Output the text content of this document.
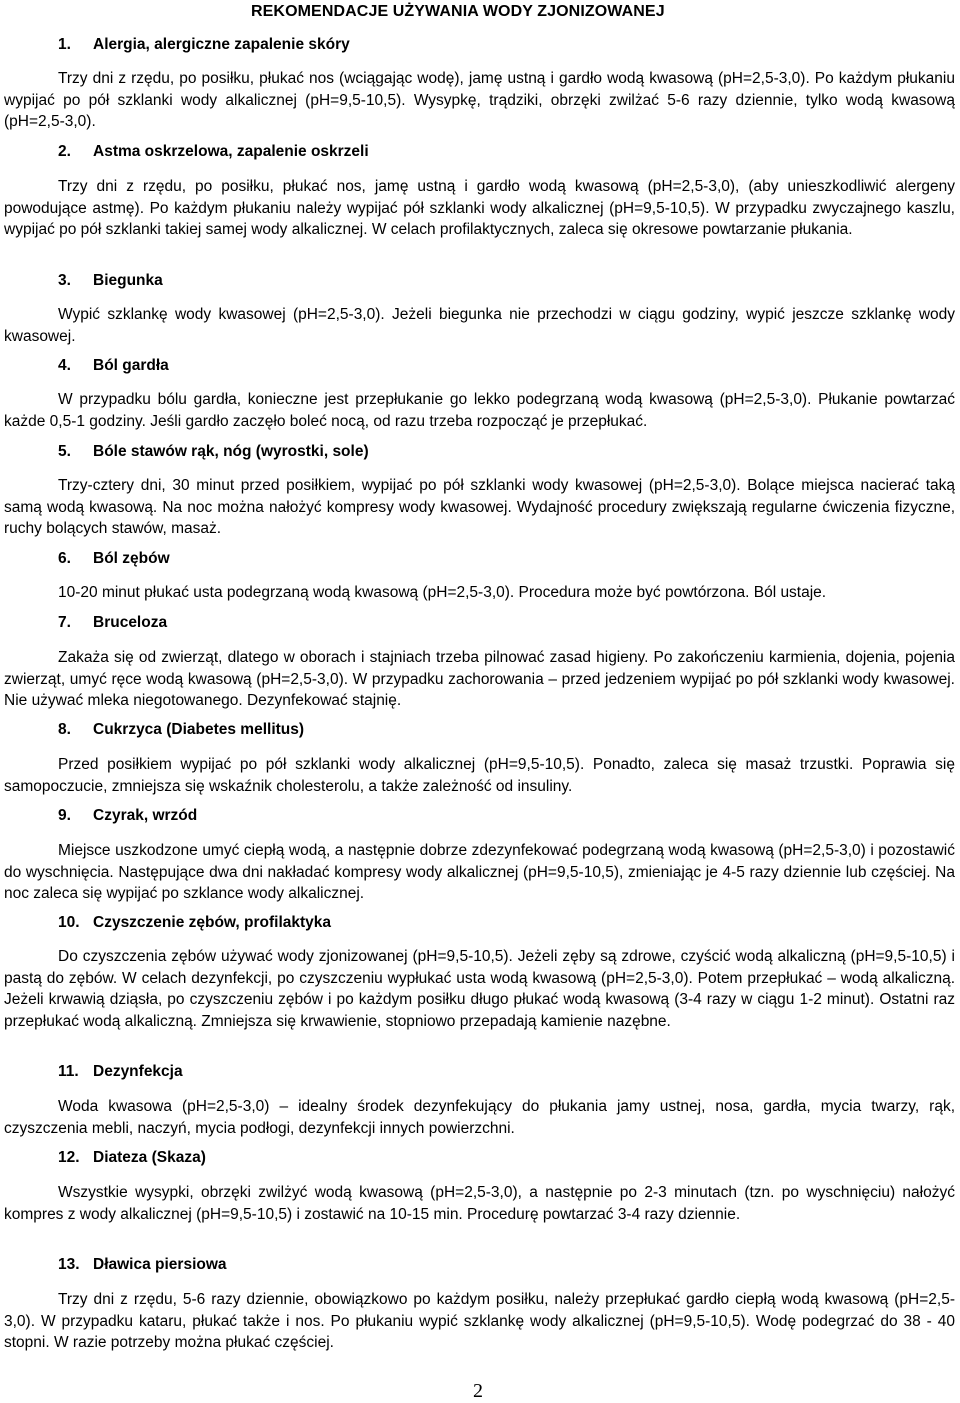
REKOMENDACJE UŻYWANIA WODY ZJONIZOWANEJ
1. Alergia, alergiczne zapalenie skóry
Trzy dni z rzędu, po posiłku, płukać nos (wciągając wodę), jamę ustną i gardło wodą kwasową (pH=2,5-3,0). Po każdym płukaniu wypijać po pół szklanki wody alkalicznej (pH=9,5-10,5). Wysypkę, trądziki, obrzęki zwilżać 5-6 razy dziennie, tylko wodą kwasową (pH=2,5-3,0).
2. Astma oskrzelowa, zapalenie oskrzeli
Trzy dni z rzędu, po posiłku, płukać nos, jamę ustną i gardło wodą kwasową (pH=2,5-3,0), (aby unieszkodliwić alergeny powodujące astmę). Po każdym płukaniu należy wypijać pół szklanki wody alkalicznej (pH=9,5-10,5). W przypadku zwyczajnego kaszlu, wypijać po pół szklanki takiej samej wody alkalicznej. W celach profilaktycznych, zaleca się okresowe powtarzanie płukania.
3. Biegunka
Wypić szklankę wody kwasowej (pH=2,5-3,0). Jeżeli biegunka nie przechodzi w ciągu godziny, wypić jeszcze szklankę wody kwasowej.
4. Ból gardła
W przypadku bólu gardła, konieczne jest przepłukanie go lekko podegrzaną wodą kwasową (pH=2,5-3,0). Płukanie powtarzać każde 0,5-1 godziny. Jeśli gardło zaczęło boleć nocą, od razu trzeba rozpocząć je przepłukać.
5. Bóle stawów rąk, nóg (wyrostki, sole)
Trzy-cztery dni, 30 minut przed posiłkiem, wypijać po pół szklanki wody kwasowej (pH=2,5-3,0). Bolące miejsca nacierać taką samą wodą kwasową. Na noc można nałożyć kompresy wody kwasowej. Wydajność procedury zwiększają regularne ćwiczenia fizyczne, ruchy bolących stawów, masaż.
6. Ból zębów
10-20 minut płukać usta podegrzaną wodą kwasową (pH=2,5-3,0). Procedura może być powtórzona. Ból ustaje.
7. Bruceloza
Zakaża się od zwierząt, dlatego w oborach i stajniach trzeba pilnować zasad higieny. Po zakończeniu karmienia, dojenia, pojenia zwierząt, umyć ręce wodą kwasową (pH=2,5-3,0). W przypadku zachorowania – przed jedzeniem wypijać po pół szklanki wody kwasowej. Nie używać mleka niegotowanego. Dezynfekować stajnię.
8. Cukrzyca (Diabetes mellitus)
Przed posiłkiem wypijać po pół szklanki wody alkalicznej (pH=9,5-10,5). Ponadto, zaleca się masaż trzustki. Poprawia się samopoczucie, zmniejsza się wskaźnik cholesterolu, a także zależność od insuliny.
9. Czyrak, wrzód
Miejsce uszkodzone umyć ciepłą wodą, a następnie dobrze zdezynfekować podegrzaną wodą kwasową (pH=2,5-3,0) i pozostawić do wyschnięcia. Następujące dwa dni nakładać kompresy wody alkalicznej (pH=9,5-10,5), zmieniając je 4-5 razy dziennie lub częściej. Na noc zaleca się wypijać po szklance wody alkalicznej.
10. Czyszczenie zębów, profilaktyka
Do czyszczenia zębów używać wody zjonizowanej (pH=9,5-10,5). Jeżeli zęby są zdrowe, czyścić wodą alkaliczną (pH=9,5-10,5) i pastą do zębów. W celach dezynfekcji, po czyszczeniu wypłukać usta wodą kwasową (pH=2,5-3,0). Potem przepłukać – wodą alkaliczną. Jeżeli krwawią dziąsła, po czyszczeniu zębów i po każdym posiłku długo płukać wodą kwasową (3-4 razy w ciągu 1-2 minut). Ostatni raz przepłukać wodą alkaliczną. Zmniejsza się krwawienie, stopniowo przepadają kamienie nazębne.
11. Dezynfekcja
Woda kwasowa (pH=2,5-3,0) – idealny środek dezynfekujący do płukania jamy ustnej, nosa, gardła, mycia twarzy, rąk, czyszczenia mebli, naczyń, mycia podłogi, dezynfekcji innych powierzchni.
12. Diateza (Skaza)
Wszystkie wysypki, obrzęki zwilżyć wodą kwasową (pH=2,5-3,0), a następnie po 2-3 minutach (tzn. po wyschnięciu) nałożyć kompres z wody alkalicznej (pH=9,5-10,5) i zostawić na 10-15 min. Procedurę powtarzać 3-4 razy dziennie.
13. Dławica piersiowa
Trzy dni z rzędu, 5-6 razy dziennie, obowiązkowo po każdym posiłku, należy przepłukać gardło ciepłą wodą kwasową (pH=2,5-3,0). W przypadku kataru, płukać także i nos. Po płukaniu wypić szklankę wody alkalicznej (pH=9,5-10,5). Wodę podegrzać do 38 - 40 stopni. W razie potrzeby można płukać częściej.
2
